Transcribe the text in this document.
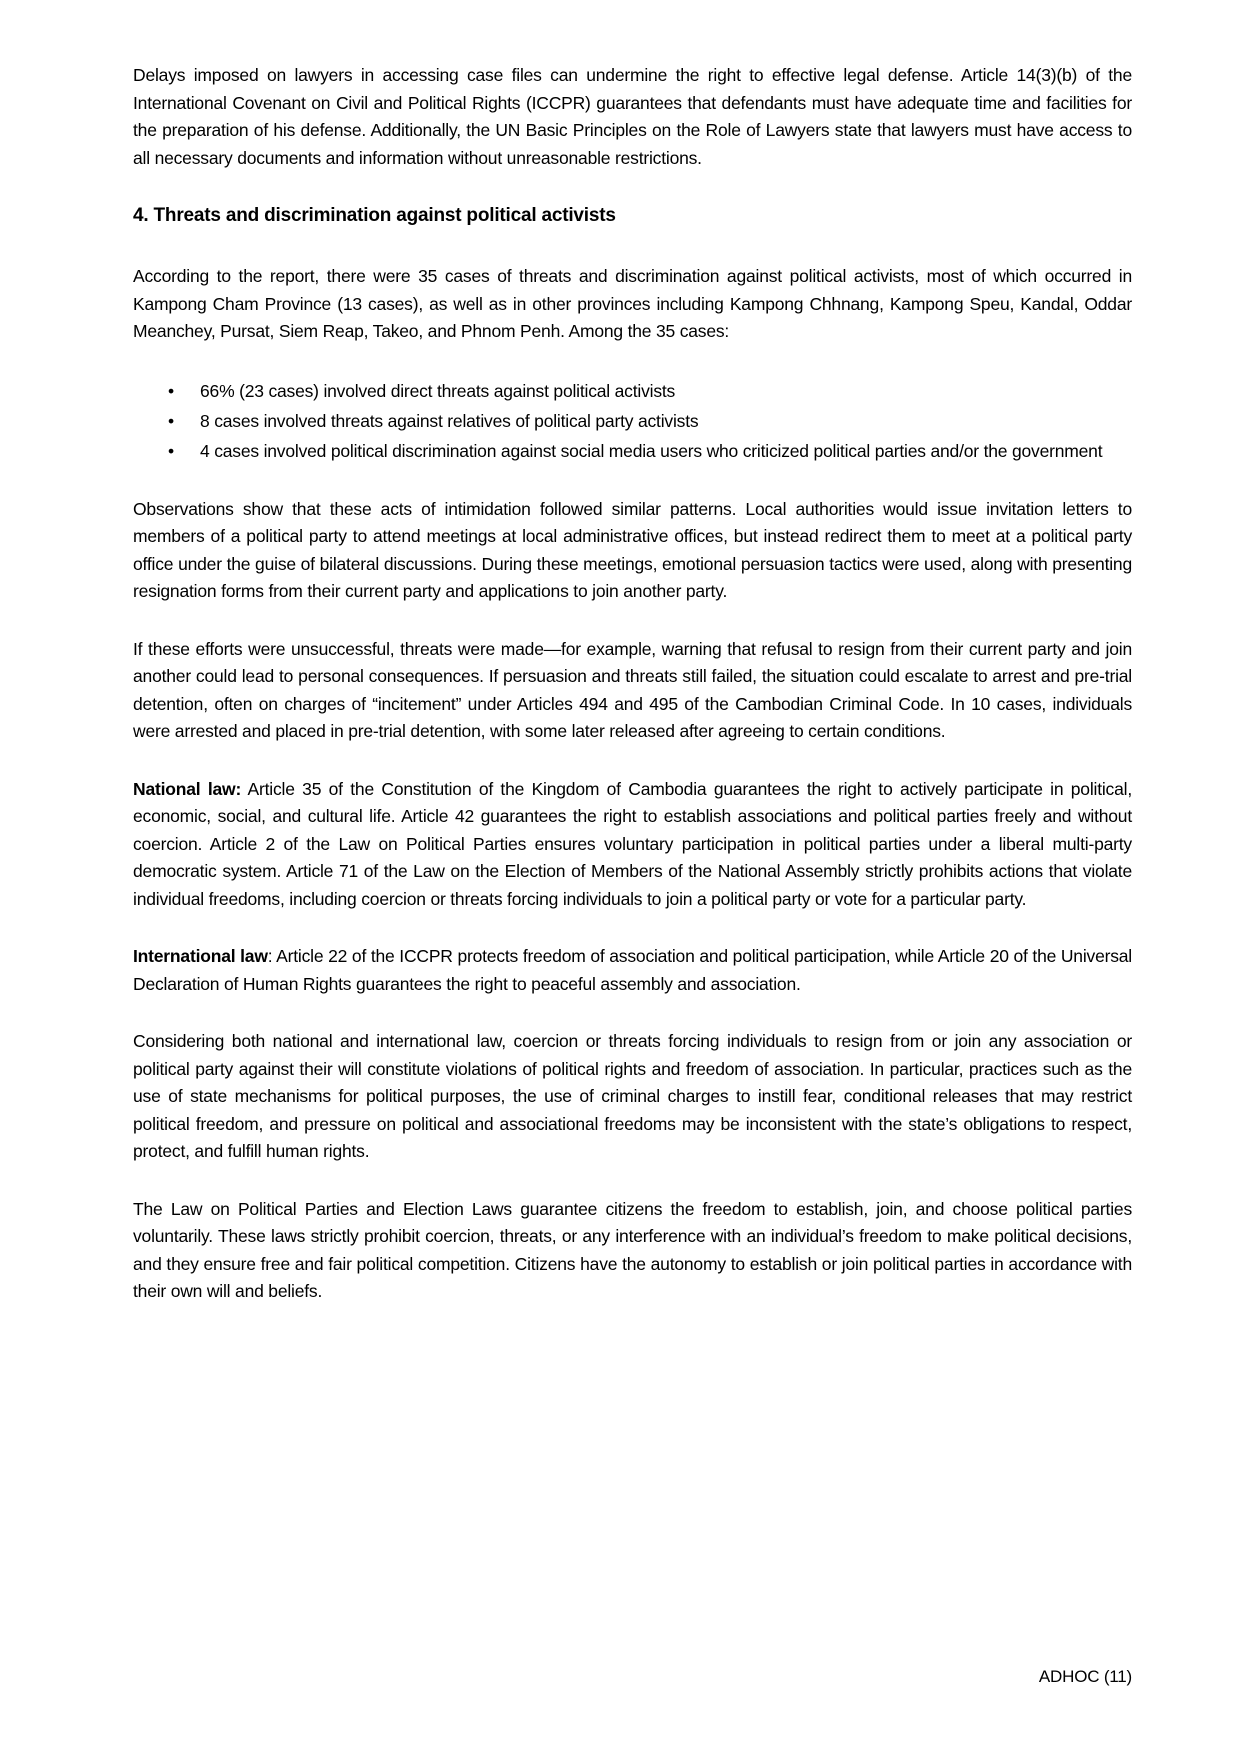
Delays imposed on lawyers in accessing case files can undermine the right to effective legal defense. Article 14(3)(b) of the International Covenant on Civil and Political Rights (ICCPR) guarantees that defendants must have adequate time and facilities for the preparation of his defense. Additionally, the UN Basic Principles on the Role of Lawyers state that lawyers must have access to all necessary documents and information without unreasonable restrictions.

4. Threats and discrimination against political activists

According to the report, there were 35 cases of threats and discrimination against political activists, most of which occurred in Kampong Cham Province (13 cases), as well as in other provinces including Kampong Chhnang, Kampong Speu, Kandal, Oddar Meanchey, Pursat, Siem Reap, Takeo, and Phnom Penh. Among the 35 cases:

• 66% (23 cases) involved direct threats against political activists
• 8 cases involved threats against relatives of political party activists
• 4 cases involved political discrimination against social media users who criticized political parties and/or the government

Observations show that these acts of intimidation followed similar patterns. Local authorities would issue invitation letters to members of a political party to attend meetings at local administrative offices, but instead redirect them to meet at a political party office under the guise of bilateral discussions. During these meetings, emotional persuasion tactics were used, along with presenting resignation forms from their current party and applications to join another party.

If these efforts were unsuccessful, threats were made—for example, warning that refusal to resign from their current party and join another could lead to personal consequences. If persuasion and threats still failed, the situation could escalate to arrest and pre-trial detention, often on charges of “incitement” under Articles 494 and 495 of the Cambodian Criminal Code. In 10 cases, individuals were arrested and placed in pre-trial detention, with some later released after agreeing to certain conditions.

National law: Article 35 of the Constitution of the Kingdom of Cambodia guarantees the right to actively participate in political, economic, social, and cultural life. Article 42 guarantees the right to establish associations and political parties freely and without coercion. Article 2 of the Law on Political Parties ensures voluntary participation in political parties under a liberal multi-party democratic system. Article 71 of the Law on the Election of Members of the National Assembly strictly prohibits actions that violate individual freedoms, including coercion or threats forcing individuals to join a political party or vote for a particular party.

International law: Article 22 of the ICCPR protects freedom of association and political participation, while Article 20 of the Universal Declaration of Human Rights guarantees the right to peaceful assembly and association.

Considering both national and international law, coercion or threats forcing individuals to resign from or join any association or political party against their will constitute violations of political rights and freedom of association. In particular, practices such as the use of state mechanisms for political purposes, the use of criminal charges to instill fear, conditional releases that may restrict political freedom, and pressure on political and associational freedoms may be inconsistent with the state’s obligations to respect, protect, and fulfill human rights.

The Law on Political Parties and Election Laws guarantee citizens the freedom to establish, join, and choose political parties voluntarily. These laws strictly prohibit coercion, threats, or any interference with an individual’s freedom to make political decisions, and they ensure free and fair political competition. Citizens have the autonomy to establish or join political parties in accordance with their own will and beliefs.

ADHOC (11)
